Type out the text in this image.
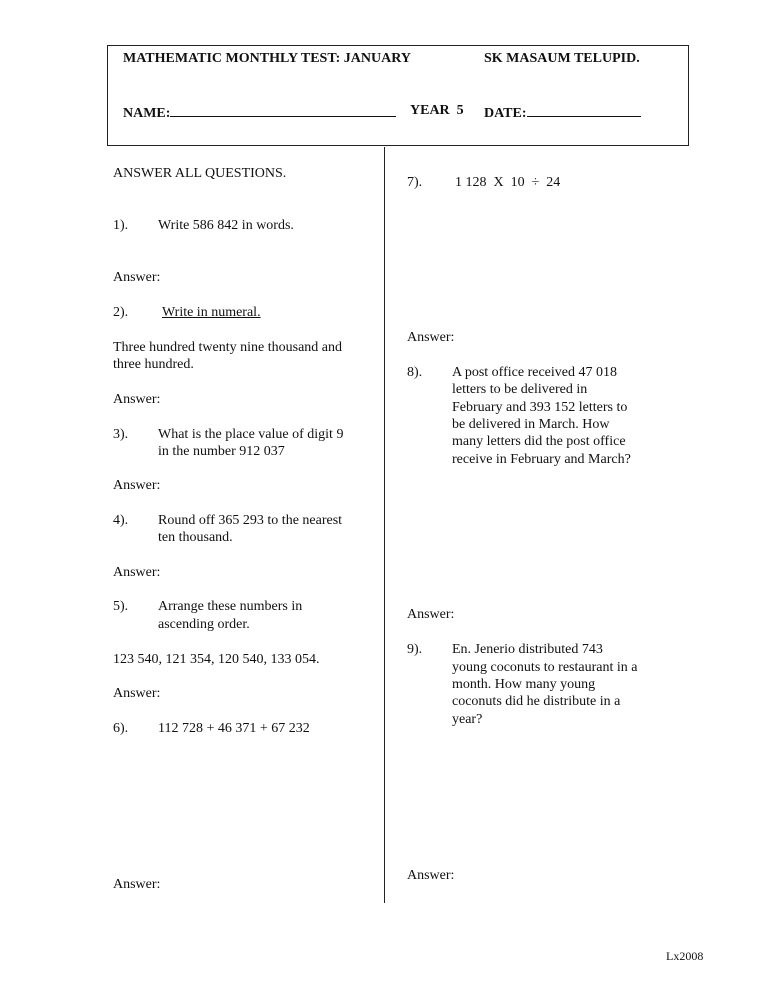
MATHEMATIC MONTHLY TEST: JANUARY	SK MASAUM TELUPID.
NAME:	YEAR 5 DATE:
ANSWER ALL QUESTIONS.
1). Write 586 842 in words.
Answer:
2). Write in numeral.
Three hundred twenty nine thousand and
three hundred.
Answer:
3). What is the place value of digit 9
in the number 912 037
Answer:
4). Round off 365 293 to the nearest
ten thousand.
Answer:
5). Arrange these numbers in
ascending order.
123 540, 121 354, 120 540, 133 054.
Answer:
6). 112 728 + 46 371 + 67 232
Answer:
7). 1 128  X  10  ÷  24
Answer:
8). A post office received 47 018
letters to be delivered in
February and 393 152 letters to
be delivered in March. How
many letters did the post office
receive in February and March?
Answer:
9). En. Jenerio distributed 743
young coconuts to restaurant in a
month. How many young
coconuts did he distribute in a
year?
Answer:
Lx2008
